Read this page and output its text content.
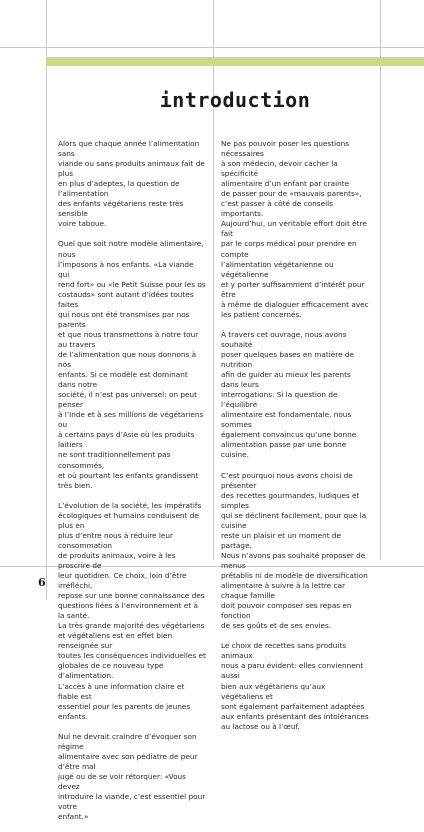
introduction

Alors que chaque année l’alimentation sans
viande ou sans produits animaux fait de plus
en plus d’adeptes, la question de l’alimentation
des enfants végétariens reste très sensible
voire taboue.

Quel que soit notre modèle alimentaire, nous
l’imposons à nos enfants. «La viande qui
rend fort» ou «le Petit Suisse pour les os
costauds» sont autant d’idées toutes faites
qui nous ont été transmises par nos parents
et que nous transmettons à notre tour au travers
de l’alimentation que nous donnons à nos
enfants. Si ce modèle est dominant dans notre
société, il n’est pas universel: on peut penser
à l’Inde et à ses millions de végétariens ou
à certains pays d’Asie où les produits laitiers
ne sont traditionnellement pas consommés,
et où pourtant les enfants grandissent très bien.

L’évolution de la société, les impératifs
écologiques et humains conduisent de plus en
plus d’entre nous à réduire leur consommation
de produits animaux, voire à les proscrire de
leur quotidien. Ce choix, loin d’être irréfléchi,
repose sur une bonne connaissance des
questions liées à l’environnement et à la santé.
La très grande majorité des végétariens
et végétaliens est en effet bien renseignée sur
toutes les conséquences individuelles et
globales de ce nouveau type d’alimentation.
L’accès à une information claire et fiable est
essentiel pour les parents de jeunes enfants.

Nul ne devrait craindre d’évoquer son régime
alimentaire avec son pédiatre de peur d’être mal
jugé ou de se voir rétorquer: «Vous devez
introduire la viande, c’est essentiel pour votre
enfant.»

Ne pas pouvoir poser les questions nécessaires
à son médecin, devoir cacher la spécificité
alimentaire d’un enfant par crainte
de passer pour de «mauvais parents»,
c’est passer à côté de conseils importants.
Aujourd’hui, un véritable effort doit être fait
par le corps médical pour prendre en compte
l’alimentation végétarienne ou végétalienne
et y porter suffisamment d’intérêt pour être
à même de dialoguer efficacement avec
les patient concernés.

À travers cet ouvrage, nous avons souhaité
poser quelques bases en matière de nutrition
afin de guider au mieux les parents dans leurs
interrogations. Si la question de l’équilibre
alimentaire est fondamentale, nous sommes
également convaincus qu’une bonne
alimentation passe par une bonne cuisine.

C’est pourquoi nous avons choisi de présenter
des recettes gourmandes, ludiques et simples
qui se déclinent facilement, pour que la cuisine
reste un plaisir et un moment de partage.
Nous n’avons pas souhaité proposer de menus
prétablis ni de modèle de diversification
alimentaire à suivre à la lettre car chaque famille
doit pouvoir composer ses repas en fonction
de ses goûts et de ses envies.

Le choix de recettes sans produits animaux
nous a paru évident: elles conviennent aussi
bien aux végétariens qu’aux végétaliens et
sont également parfaitement adaptées
aux enfants présentant des intolérances
au lactose ou à l’œuf.

6
